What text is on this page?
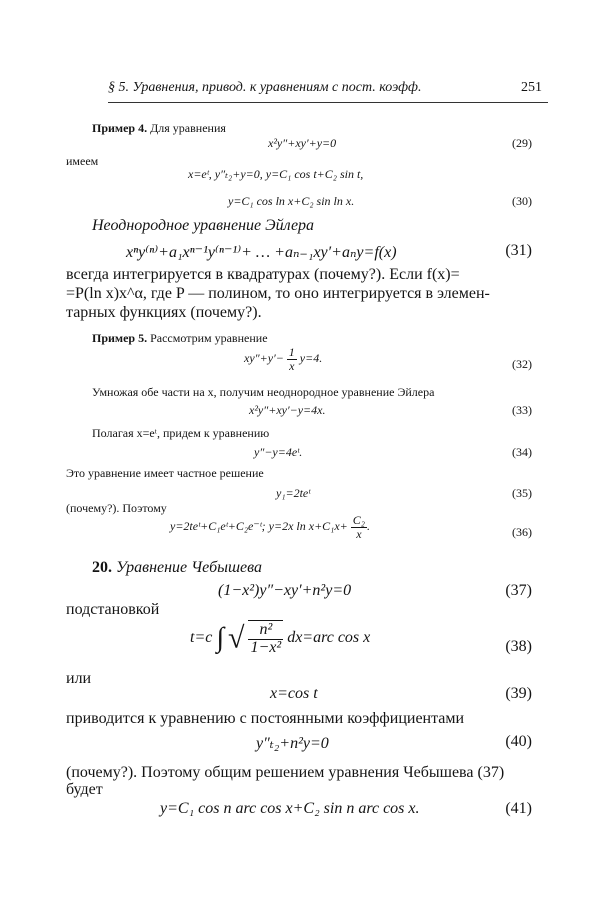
§ 5. Уравнения, привод. к уравнениям с пост. коэфф.	251
Пример 4. Для уравнения
x²y″+xy′+y=0	(29)
имеем
x=eᵗ, y″ₜ₂+y=0, y=C₁ cos t+C₂ sin t,
y=C₁ cos ln x+C₂ sin ln x.	(30)
Неоднородное уравнение Эйлера
xⁿy⁽ⁿ⁾+a₁xⁿ⁻¹y⁽ⁿ⁻¹⁾+ … +aₙ₋₁xy′+aₙy=f(x)	(31)
всегда интегрируется в квадратурах (почему?). Если f(x)=
=P(ln x)x^α, где P — полином, то оно интегрируется в элемен-
тарных функциях (почему?).
Пример 5. Рассмотрим уравнение
$xy''+y'- \frac{1}{x} y=4$.	(32)
Умножая обе части на x, получим неоднородное уравнение Эйлера
x²y″+xy′−y=4x.	(33)
Полагая x=eᵗ, придем к уравнению
y″−y=4eᵗ.	(34)
Это уравнение имеет частное решение
y₁=2teᵗ	(35)
(почему?). Поэтому
y=2teᵗ+C₁eᵗ+C₂e⁻ᵗ; y=2x $\ln x+C_1x+ \frac{\text{C₂}}{x}$ .	(36)
20. Уравнение Чебышева
(1−x²)y″−xy′+n²y=0	(37)
подстановкой
t=c ∫ √ $\frac{\text{n²}}{\text{1−x²}} dx=arc$ cos x
(38)
или
x=cos t	(39)
приводится к уравнению с постоянными коэффициентами
y″ₜ₂+n²y=0	(40)
(почему?). Поэтому общим решением уравнения Чебышева (37)
будет
y=C₁ cos n arc cos x+C₂ sin n arc cos x.	(41)
